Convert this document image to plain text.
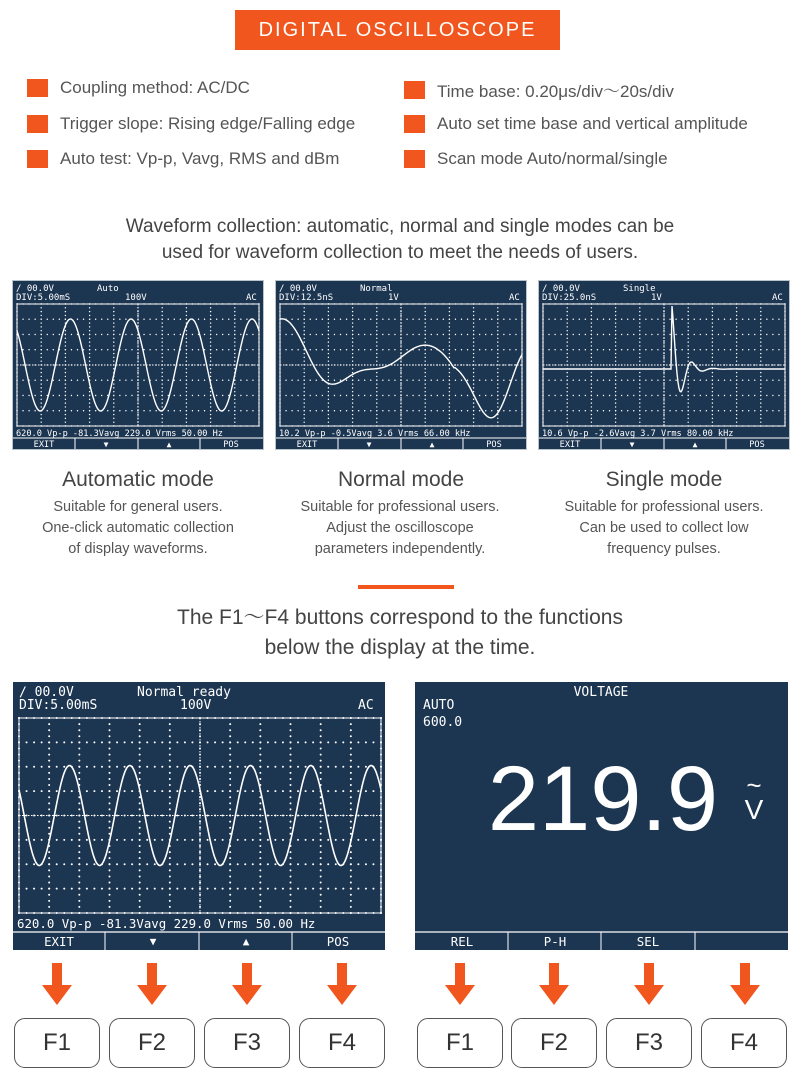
DIGITAL OSCILLOSCOPE
Coupling method: AC/DC	Time base: 0.20μs/div〜20s/div
Trigger slope: Rising edge/Falling edge	Auto set time base and vertical amplitude
Auto test: Vp-p, Vavg, RMS and dBm	Scan mode Auto/normal/single
Waveform collection: automatic, normal and single modes can be
used for waveform collection to meet the needs of users.
∕ 00.0V	Auto
DIV:5.00mS	100V	AC
620.0 Vp-p -81.3Vavg 229.0 Vrms 50.00 Hz
EXIT	▼	▲	POS
∕ 00.0V	Normal
DIV:12.5nS	1V	AC
10.2 Vp-p -0.5Vavg 3.6 Vrms 66.00 kHz
EXIT	▼	▲	POS
∕ 00.0V	Single
DIV:25.0nS	1V	AC
10.6 Vp-p -2.6Vavg 3.7 Vrms 80.00 kHz
EXIT	▼	▲	POS
Automatic mode
Suitable for general users.
One-click automatic collection
of display waveforms.
Normal mode
Suitable for professional users.
Adjust the oscilloscope
parameters independently.
Single mode
Suitable for professional users.
Can be used to collect low
frequency pulses.
The F1〜F4 buttons correspond to the functions
below the display at the time.
∕ 00.0V	Normal ready
DIV:5.00mS	100V	AC
620.0 Vp-p -81.3Vavg 229.0 Vrms 50.00 Hz
EXIT	▼	▲	POS
VOLTAGE
AUTO
600.0
219.9 ~
V
REL	P-H	SEL
F1	F2	F3	F4	F1	F2	F3	F4
